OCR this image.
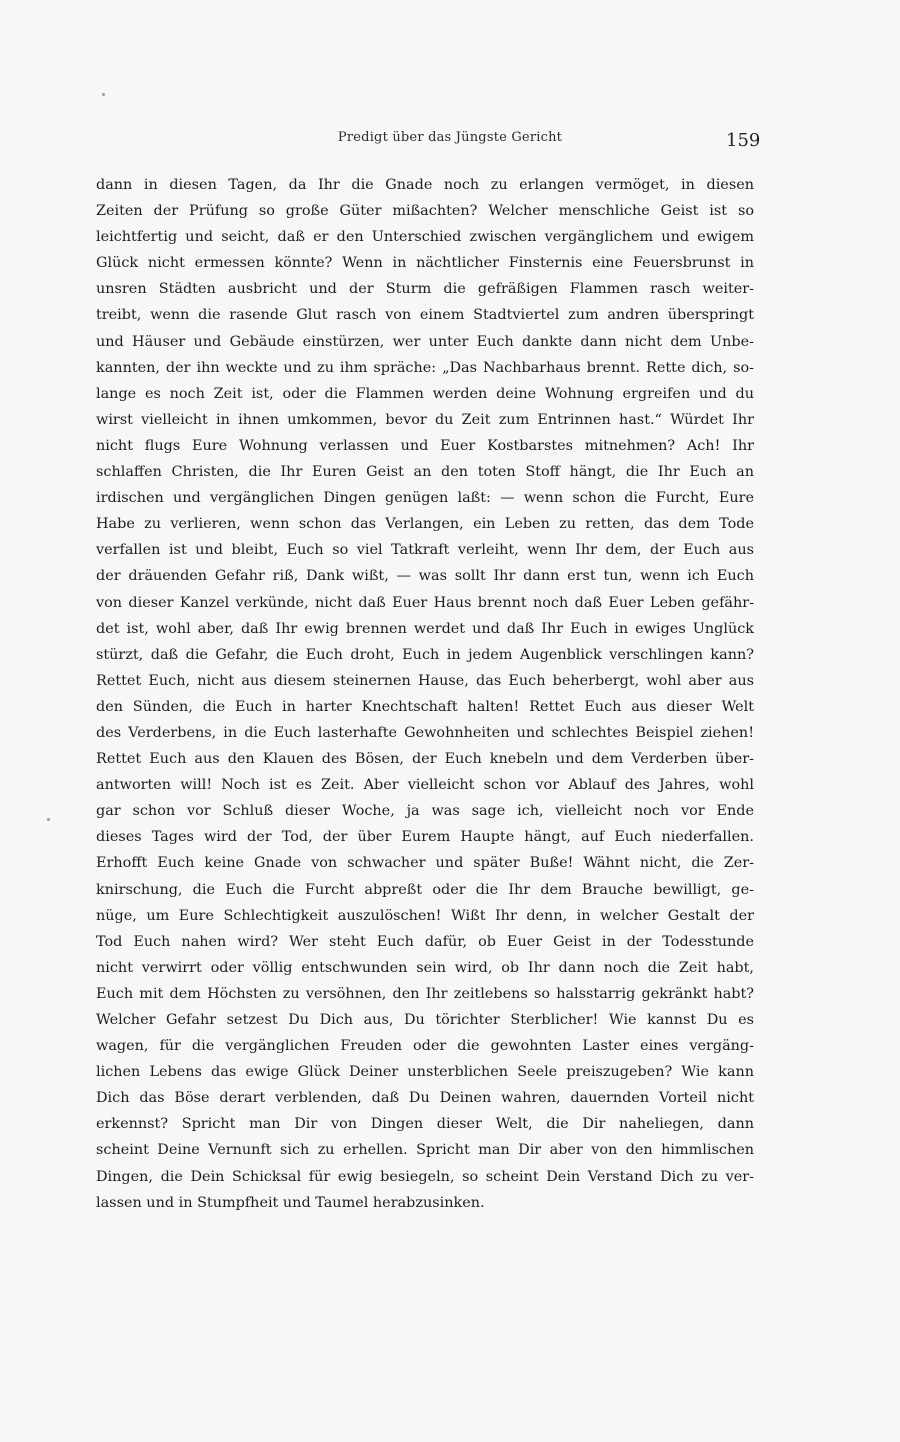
Predigt über das Jüngste Gericht	159
dann in diesen Tagen, da Ihr die Gnade noch zu erlangen vermöget, in diesen
Zeiten der Prüfung so große Güter mißachten? Welcher menschliche Geist ist so
leichtfertig und seicht, daß er den Unterschied zwischen vergänglichem und ewigem
Glück nicht ermessen könnte? Wenn in nächtlicher Finsternis eine Feuersbrunst in
unsren Städten ausbricht und der Sturm die gefräßigen Flammen rasch weiter-
treibt, wenn die rasende Glut rasch von einem Stadtviertel zum andren überspringt
und Häuser und Gebäude einstürzen, wer unter Euch dankte dann nicht dem Unbe-
kannten, der ihn weckte und zu ihm spräche: „Das Nachbarhaus brennt. Rette dich, so-
lange es noch Zeit ist, oder die Flammen werden deine Wohnung ergreifen und du
wirst vielleicht in ihnen umkommen, bevor du Zeit zum Entrinnen hast.“ Würdet Ihr
nicht flugs Eure Wohnung verlassen und Euer Kostbarstes mitnehmen? Ach! Ihr
schlaffen Christen, die Ihr Euren Geist an den toten Stoff hängt, die Ihr Euch an
irdischen und vergänglichen Dingen genügen laßt: — wenn schon die Furcht, Eure
Habe zu verlieren, wenn schon das Verlangen, ein Leben zu retten, das dem Tode
verfallen ist und bleibt, Euch so viel Tatkraft verleiht, wenn Ihr dem, der Euch aus
der dräuenden Gefahr riß, Dank wißt, — was sollt Ihr dann erst tun, wenn ich Euch
von dieser Kanzel verkünde, nicht daß Euer Haus brennt noch daß Euer Leben gefähr-
det ist, wohl aber, daß Ihr ewig brennen werdet und daß Ihr Euch in ewiges Unglück
stürzt, daß die Gefahr, die Euch droht, Euch in jedem Augenblick verschlingen kann?
Rettet Euch, nicht aus diesem steinernen Hause, das Euch beherbergt, wohl aber aus
den Sünden, die Euch in harter Knechtschaft halten! Rettet Euch aus dieser Welt
des Verderbens, in die Euch lasterhafte Gewohnheiten und schlechtes Beispiel ziehen!
Rettet Euch aus den Klauen des Bösen, der Euch knebeln und dem Verderben über-
antworten will! Noch ist es Zeit. Aber vielleicht schon vor Ablauf des Jahres, wohl
gar schon vor Schluß dieser Woche, ja was sage ich, vielleicht noch vor Ende
dieses Tages wird der Tod, der über Eurem Haupte hängt, auf Euch niederfallen.
Erhofft Euch keine Gnade von schwacher und später Buße! Wähnt nicht, die Zer-
knirschung, die Euch die Furcht abpreßt oder die Ihr dem Brauche bewilligt, ge-
nüge, um Eure Schlechtigkeit auszulöschen! Wißt Ihr denn, in welcher Gestalt der
Tod Euch nahen wird? Wer steht Euch dafür, ob Euer Geist in der Todesstunde
nicht verwirrt oder völlig entschwunden sein wird, ob Ihr dann noch die Zeit habt,
Euch mit dem Höchsten zu versöhnen, den Ihr zeitlebens so halsstarrig gekränkt habt?
Welcher Gefahr setzest Du Dich aus, Du törichter Sterblicher! Wie kannst Du es
wagen, für die vergänglichen Freuden oder die gewohnten Laster eines vergäng-
lichen Lebens das ewige Glück Deiner unsterblichen Seele preiszugeben? Wie kann
Dich das Böse derart verblenden, daß Du Deinen wahren, dauernden Vorteil nicht
erkennst? Spricht man Dir von Dingen dieser Welt, die Dir naheliegen, dann
scheint Deine Vernunft sich zu erhellen. Spricht man Dir aber von den himmlischen
Dingen, die Dein Schicksal für ewig besiegeln, so scheint Dein Verstand Dich zu ver-
lassen und in Stumpfheit und Taumel herabzusinken.
